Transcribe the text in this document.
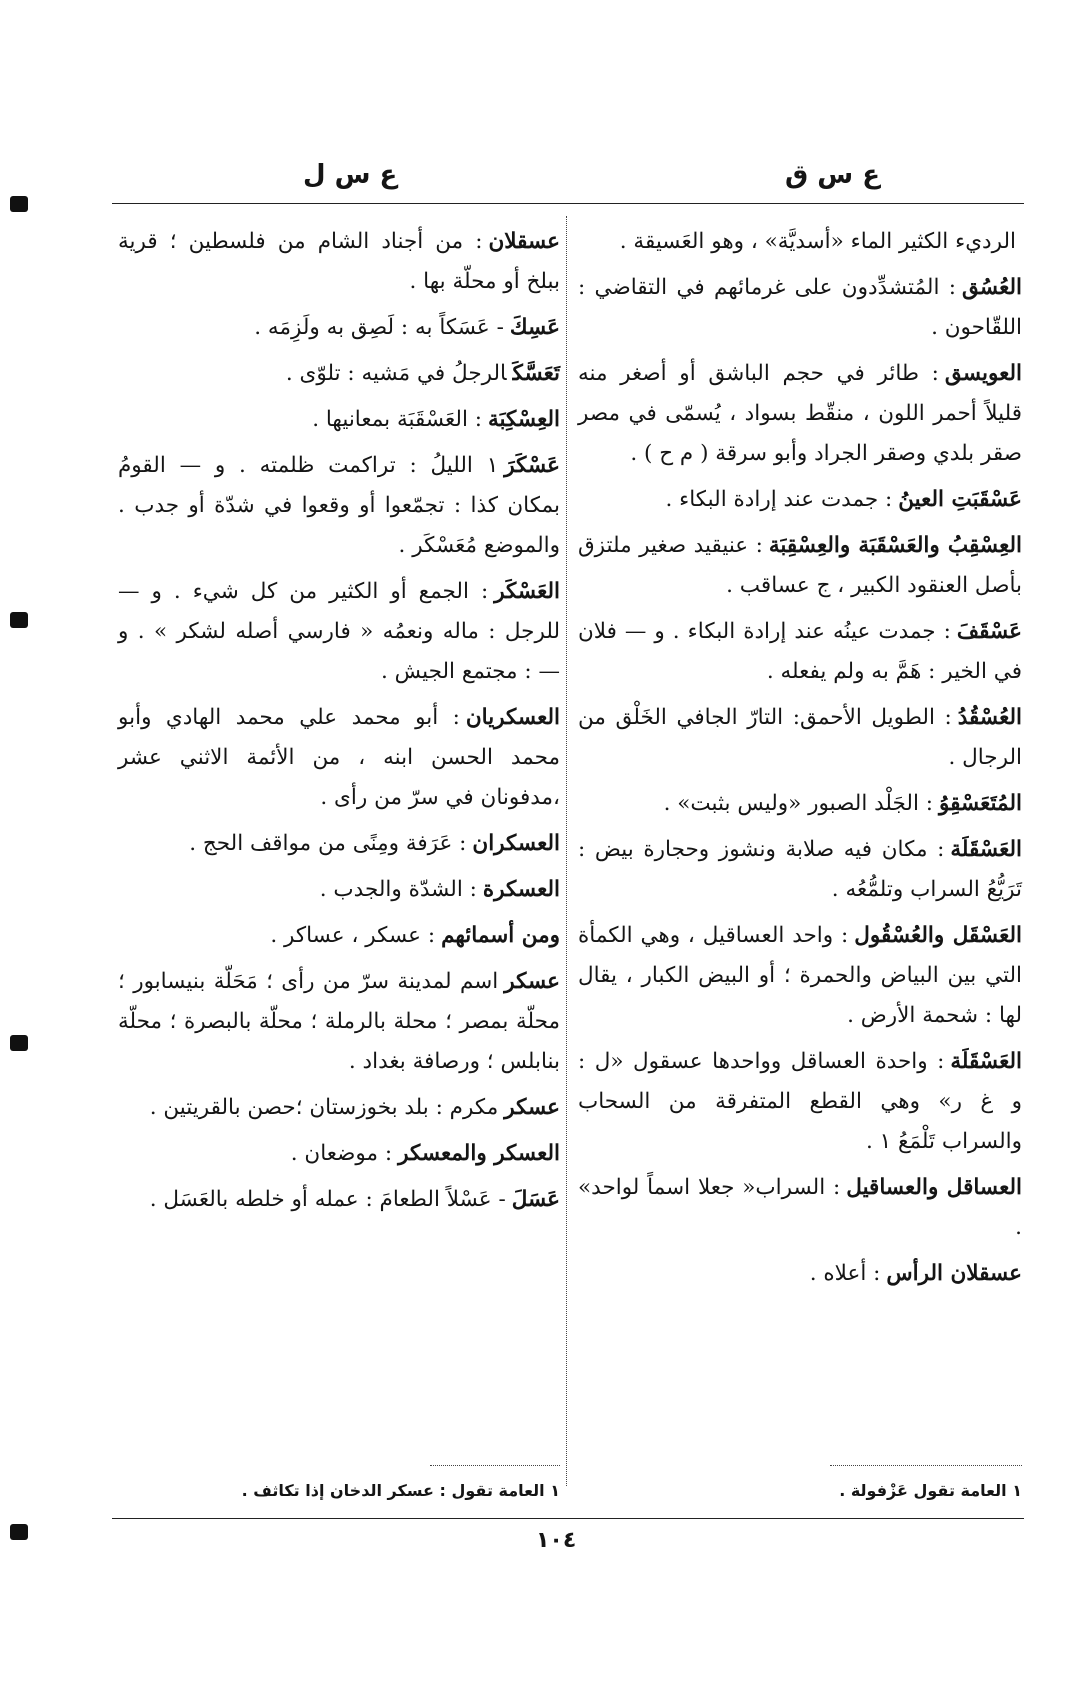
ع س ق
ع س ل

الرديء الكثير الماء «أسديَّة» ، وهو العَسيقة .

العُسُق: المُتشدِّدون على غرمائهم في التقاضي : اللقّاحون .

العويسق: طائر في حجم الباشق أو أصغر منه قليلاً أحمر اللون ، منقّط بسواد ، يُسمّى في مصر صقر بلدي وصقر الجراد وأبو سرقة ( م ح ) .

عَسْقَبَتِ العينُ: جمدت عند إرادة البكاء .

العِسْقِبُ والعَسْقَبَة والعِسْقِبَة: عنيقيد صغير ملتزق بأصل العنقود الكبير ، ج عساقب .

عَسْقَفَ: جمدت عينُه عند إرادة البكاء . و — فلان في الخير : هَمَّ به ولم يفعله .

العُسْقُدُ: الطويل الأحمق: التارّ الجافي الخَلْق من الرجال .

المُتَعَسْقِوُ: الجَلْد الصبور «وليس بثبت» .

العَسْقَلَة: مكان فيه صلابة ونشوز وحجارة بيض : تَرَيُّعُ السراب وتلمُّعُه .

العَسْقَل والعُسْقُول: واحد العساقيل ، وهي الكمأة التي بين البياض والحمرة ؛ أو البيض الكبار ، يقال لها : شحمة الأرض .

العَسْقَلَة: واحدة العساقل وواحدها عسقول «ل : و غ ر» وهي القطع المتفرقة من السحاب والسراب تَلْمَعُ ١ .

العساقل والعساقيل: السراب« جعلا اسماً لواحد» .

عسقلان الرأس: أعلاه .

عسقلان: من أجناد الشام من فلسطين ؛ قرية ببلخ أو محلّة بها .

عَسِكَ- عَسَكاً به : لَصِق به ولَزِمَه .

تَعَسَّكَالرجلُ في مَشيه : تلوّى .

العِسْكِبَة: العَسْقَبَة بمعانيها .

عَسْكَرَ١ الليلُ : تراكمت ظلمته . و — القومُ بمكان كذا : تجمّعوا أو وقعوا في شدّة أو جدب . والموضع مُعَسْكَر .

العَسْكَر: الجمع أو الكثير من كل شيء . و — للرجل : ماله ونعمُه « فارسي أصله لشكر » . و — : مجتمع الجيش .

العسكريان: أبو محمد علي محمد الهادي وأبو محمد الحسن ابنه ، من الأئمة الاثني عشر ،مدفونان في سرّ من رأى .

العسكران: عَرَفة ومِنًى من مواقف الحج .

العسكرة: الشدّة والجدب .

ومن أسمائهم: عسكر ، عساكر .

عسكراسم لمدينة سرّ من رأى ؛ مَحَلّة بنيسابور ؛ محلّة بمصر ؛ محلة بالرملة ؛ محلّة بالبصرة ؛ محلّة بنابلس ؛ ورصافة بغداد .

عسكرمكرم : بلد بخوزستان ؛حصن بالقريتين .

العسكر والمعسكر: موضعان .

عَسَلَ- عَسْلاً الطعامَ : عمله أو خلطه بالعَسَل .

١ العامة تقول عَزْفولة .
١ العامة تقول : عسكر الدخان إذا تكاثف .
١٠٤
